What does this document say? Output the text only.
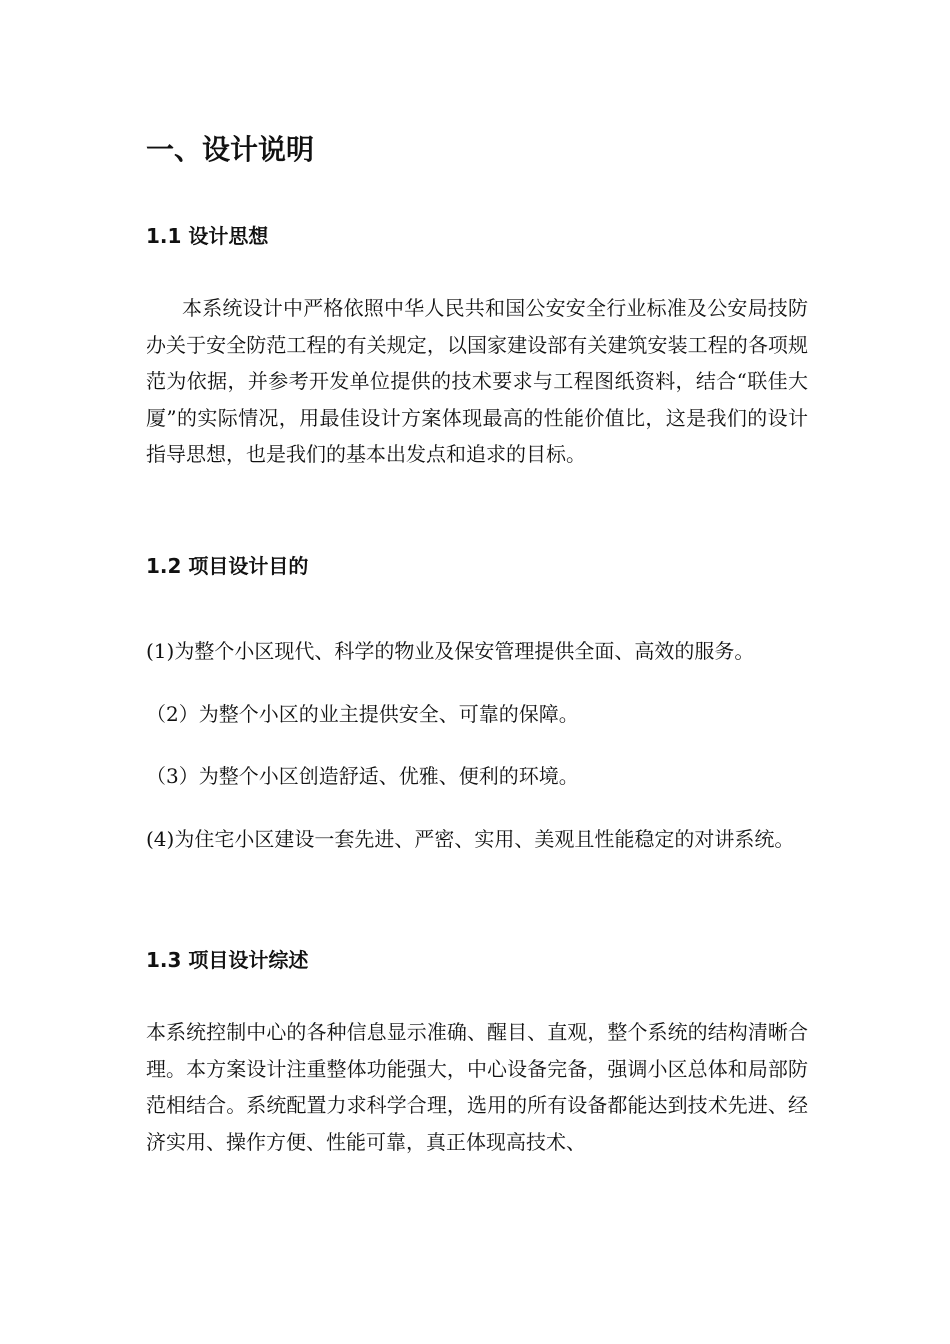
一、设计说明
1.1 设计思想
本系统设计中严格依照中华人民共和国公安安全行业标准及公安局技防办关于安全防范工程的有关规定，以国家建设部有关建筑安装工程的各项规范为依据，并参考开发单位提供的技术要求与工程图纸资料，结合“联佳大厦”的实际情况，用最佳设计方案体现最高的性能价值比，这是我们的设计指导思想，也是我们的基本出发点和追求的目标。
1.2 项目设计目的
(1)为整个小区现代、科学的物业及保安管理提供全面、高效的服务。
（2）为整个小区的业主提供安全、可靠的保障。
（3）为整个小区创造舒适、优雅、便利的环境。
(4)为住宅小区建设一套先进、严密、实用、美观且性能稳定的对讲系统。
1.3 项目设计综述
本系统控制中心的各种信息显示准确、醒目、直观，整个系统的结构清晰合理。本方案设计注重整体功能强大，中心设备完备，强调小区总体和局部防范相结合。系统配置力求科学合理，选用的所有设备都能达到技术先进、经济实用、操作方便、性能可靠，真正体现高技术、
